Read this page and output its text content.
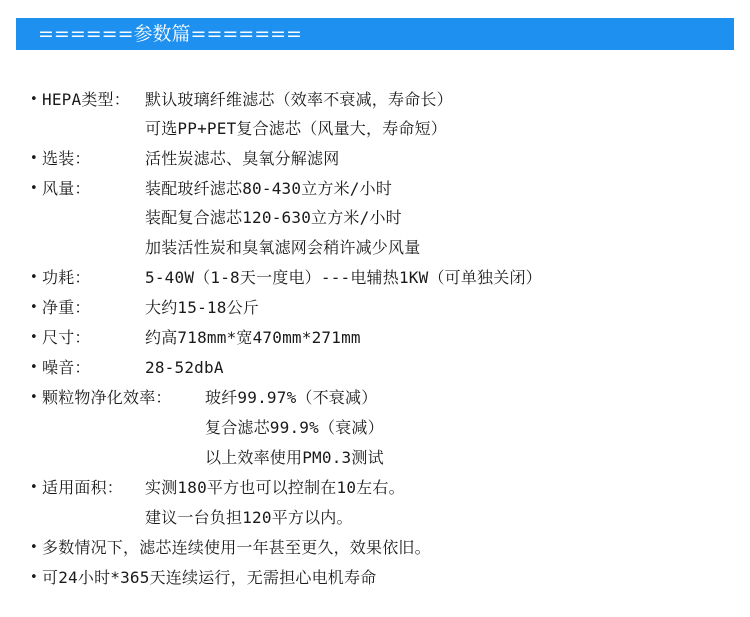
======参数篇=======
• HEPA类型： 默认玻璃纤维滤芯（效率不衰减，寿命长）
可选PP+PET复合滤芯（风量大，寿命短）
• 选装：	活性炭滤芯、臭氧分解滤网
• 风量：	装配玻纤滤芯80-430立方米/小时
装配复合滤芯120-630立方米/小时
加装活性炭和臭氧滤网会稍许减少风量
• 功耗：	5-40W（1-8天一度电）---电辅热1KW（可单独关闭）
• 净重：	大约15-18公斤
• 尺寸：	约高718mm*宽470mm*271mm
• 噪音：	28-52dbA
• 颗粒物净化效率： 玻纤99.97%（不衰减）
复合滤芯99.9%（衰减）
以上效率使用PM0.3测试
• 适用面积： 实测180平方也可以控制在10左右。
建议一台负担120平方以内。
• 多数情况下，滤芯连续使用一年甚至更久，效果依旧。
• 可24小时*365天连续运行，无需担心电机寿命
